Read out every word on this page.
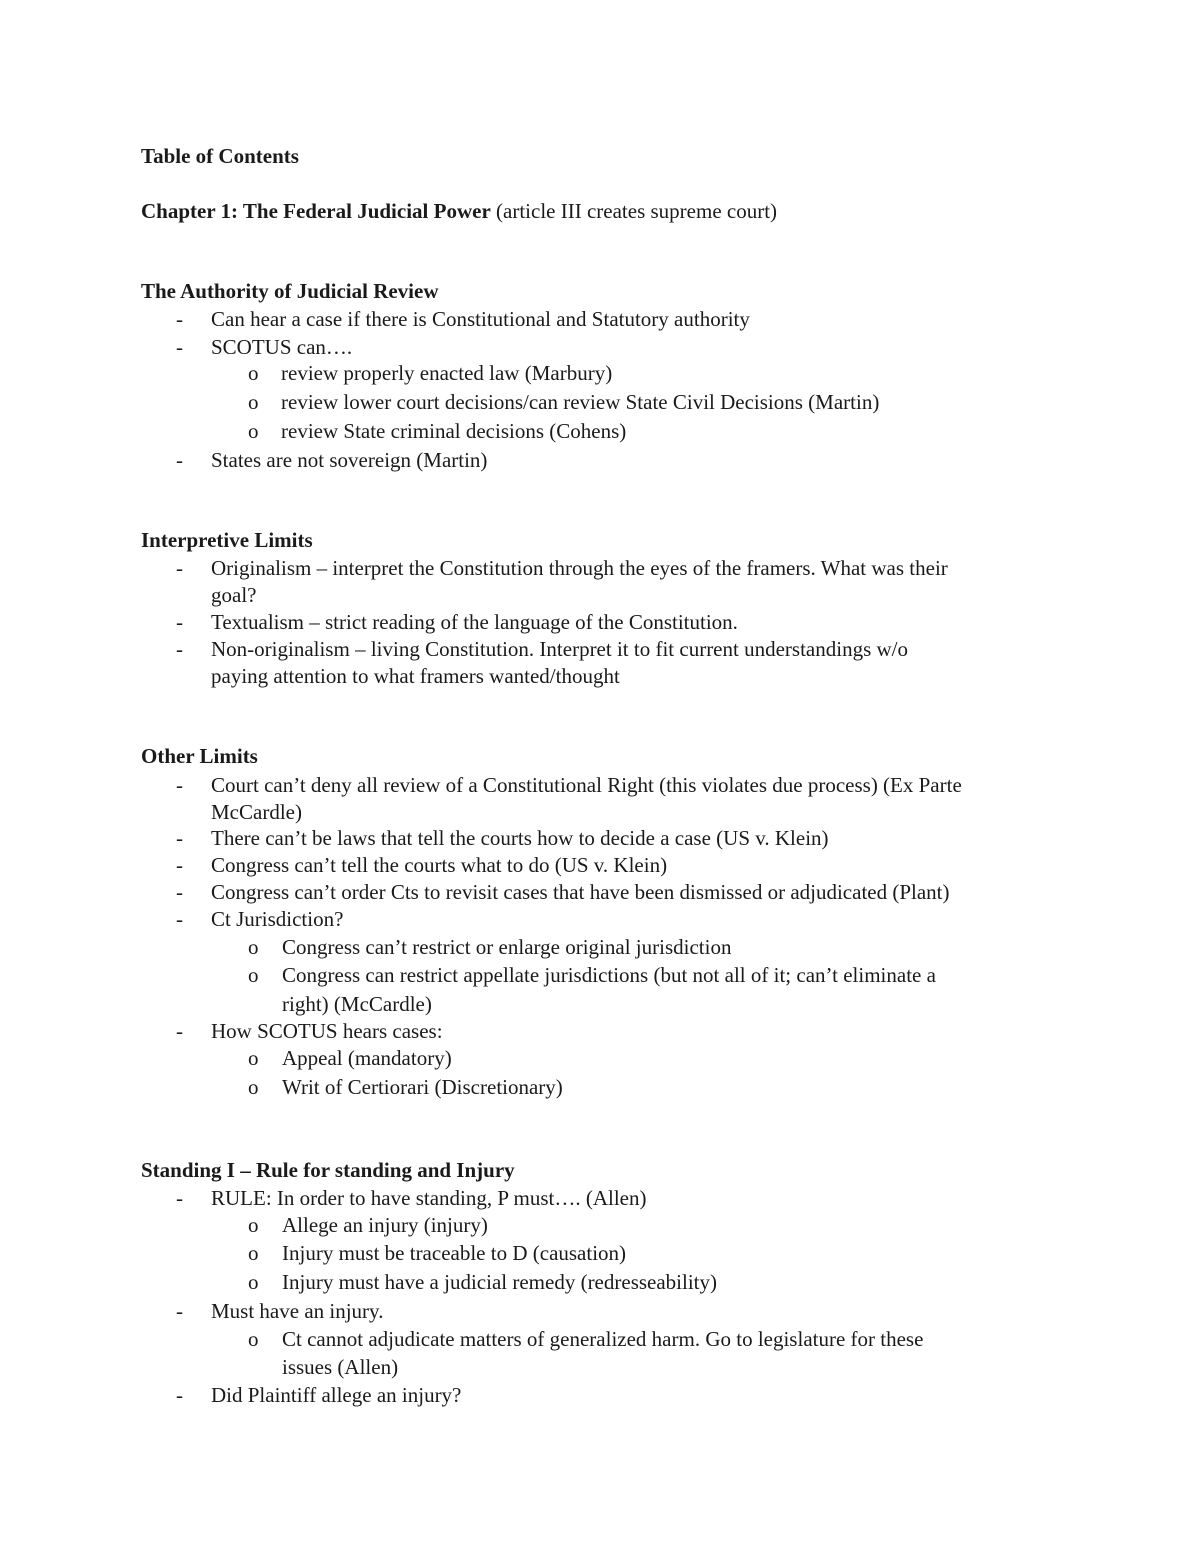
Table of Contents
Chapter 1: The Federal Judicial Power (article III creates supreme court)
The Authority of Judicial Review
- Can hear a case if there is Constitutional and Statutory authority
- SCOTUS can….
o review properly enacted law (Marbury)
o review lower court decisions/can review State Civil Decisions (Martin)
o review State criminal decisions (Cohens)
- States are not sovereign (Martin)
Interpretive Limits
- Originalism – interpret the Constitution through the eyes of the framers. What was their
goal?
- Textualism – strict reading of the language of the Constitution.
- Non-originalism – living Constitution. Interpret it to fit current understandings w/o
paying attention to what framers wanted/thought
Other Limits
- Court can’t deny all review of a Constitutional Right (this violates due process) (Ex Parte
McCardle)
- There can’t be laws that tell the courts how to decide a case (US v. Klein)
- Congress can’t tell the courts what to do (US v. Klein)
- Congress can’t order Cts to revisit cases that have been dismissed or adjudicated (Plant)
- Ct Jurisdiction?
o Congress can’t restrict or enlarge original jurisdiction
o Congress can restrict appellate jurisdictions (but not all of it; can’t eliminate a
right) (McCardle)
- How SCOTUS hears cases:
o Appeal (mandatory)
o Writ of Certiorari (Discretionary)
Standing I – Rule for standing and Injury
- RULE: In order to have standing, P must…. (Allen)
o Allege an injury (injury)
o Injury must be traceable to D (causation)
o Injury must have a judicial remedy (redresseability)
- Must have an injury.
o Ct cannot adjudicate matters of generalized harm. Go to legislature for these
issues (Allen)
- Did Plaintiff allege an injury?
